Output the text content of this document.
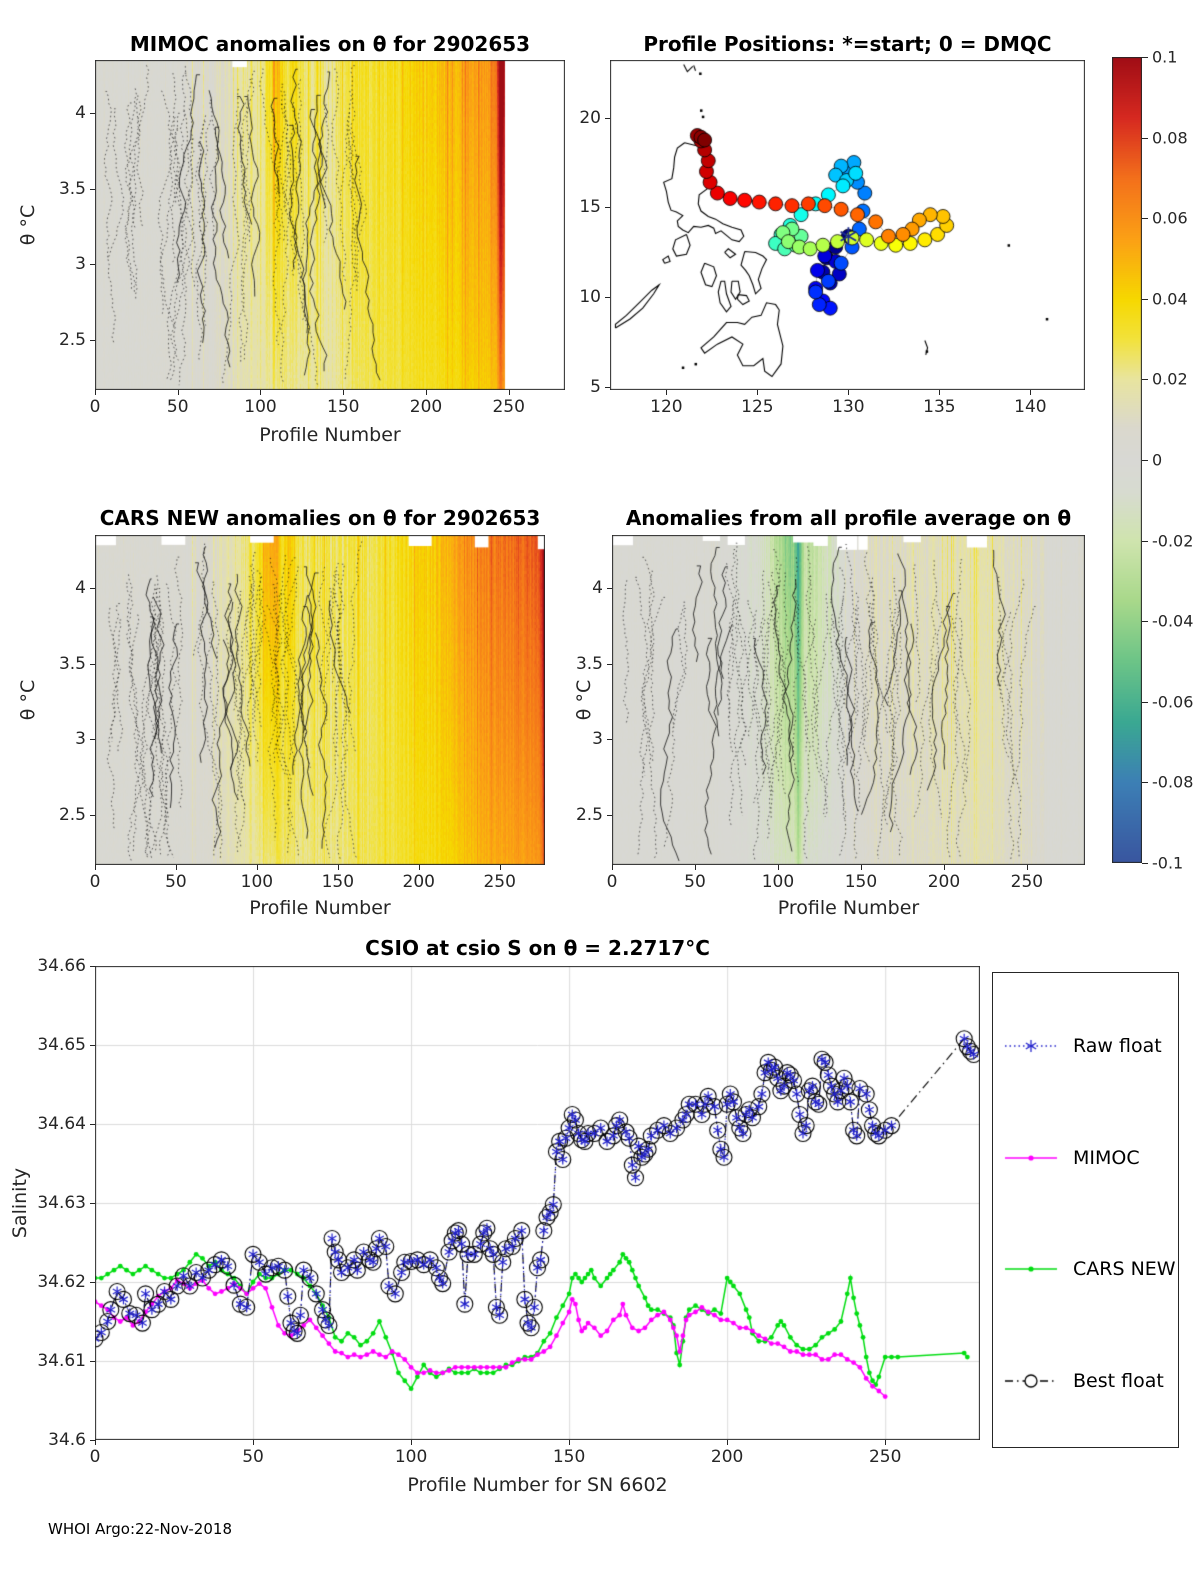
MIMOC anomalies on θ for 2902653
Profile Number
θ °C
Profile Positions: *=start; 0 = DMQC
CARS NEW anomalies on θ for 2902653
Profile Number
θ °C
Anomalies from all profile average on θ
Profile Number
θ °C
CSIO at csio S on θ = 2.2717°C
Profile Number for SN 6602
Salinity
Raw float
MIMOC
CARS NEW
Best float
WHOI Argo:22-Nov-2018
0	50	100	150	200	250
4
3.5
3
2.5
120	125	130	135	140
20
15
10
5
0	50	100	150	200	250
4
3.5
3
2.5
0	50	100	150	200	250
4
3.5
3
2.5
0	50	100	150	200	250
34.66
34.65
34.64
34.63
34.62
34.61
34.6
0.1
0.08
0.06
0.04
0.02
0
-0.02
-0.04
-0.06
-0.08
-0.1
